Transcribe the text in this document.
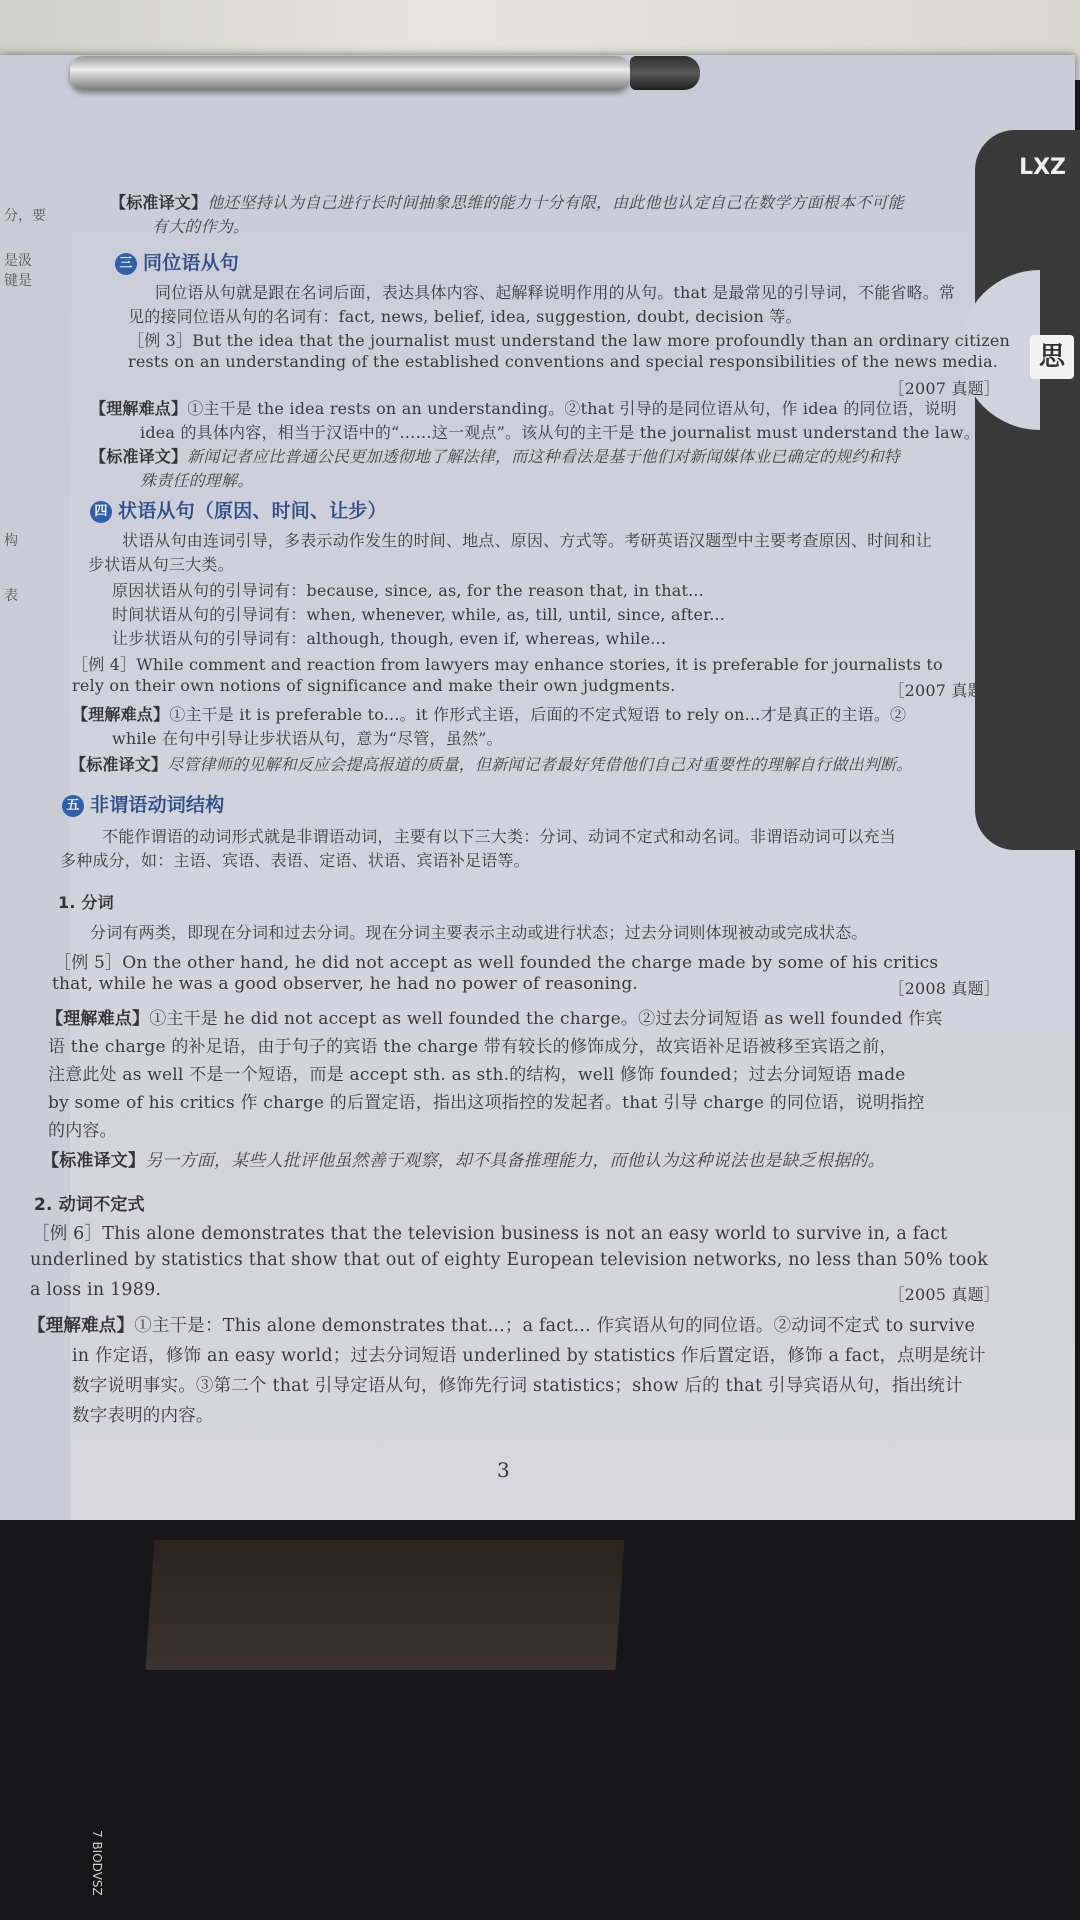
分，要
是汲
键是
构
表
LXZ
思
【标准译文】他还坚持认为自己进行长时间抽象思维的能力十分有限，由此他也认定自己在数学方面根本不可能
有大的作为。
三 同位语从句
同位语从句就是跟在名词后面，表达具体内容、起解释说明作用的从句。that 是最常见的引导词，不能省略。常
见的接同位语从句的名词有：fact, news, belief, idea, suggestion, doubt, decision 等。
［例 3］But the idea that the journalist must understand the law more profoundly than an ordinary citizen
rests on an understanding of the established conventions and special responsibilities of the news media.
［2007 真题］
【理解难点】①主干是 the idea rests on an understanding。②that 引导的是同位语从句，作 idea 的同位语，说明
idea 的具体内容，相当于汉语中的“……这一观点”。该从句的主干是 the journalist must understand the law。
【标准译文】新闻记者应比普通公民更加透彻地了解法律，而这种看法是基于他们对新闻媒体业已确定的规约和特
殊责任的理解。
四 状语从句（原因、时间、让步）
状语从句由连词引导，多表示动作发生的时间、地点、原因、方式等。考研英语汉题型中主要考查原因、时间和让
步状语从句三大类。
原因状语从句的引导词有：because, since, as, for the reason that, in that...
时间状语从句的引导词有：when, whenever, while, as, till, until, since, after...
让步状语从句的引导词有：although, though, even if, whereas, while...
［例 4］While comment and reaction from lawyers may enhance stories, it is preferable for journalists to
rely on their own notions of significance and make their own judgments.	［2007 真题］
【理解难点】①主干是 it is preferable to...。it 作形式主语，后面的不定式短语 to rely on...才是真正的主语。②
while 在句中引导让步状语从句，意为“尽管，虽然”。
【标准译文】尽管律师的见解和反应会提高报道的质量，但新闻记者最好凭借他们自己对重要性的理解自行做出判断。
五 非谓语动词结构
不能作谓语的动词形式就是非谓语动词，主要有以下三大类：分词、动词不定式和动名词。非谓语动词可以充当
多种成分，如：主语、宾语、表语、定语、状语、宾语补足语等。
1. 分词
分词有两类，即现在分词和过去分词。现在分词主要表示主动或进行状态；过去分词则体现被动或完成状态。
［例 5］On the other hand, he did not accept as well founded the charge made by some of his critics
that, while he was a good observer, he had no power of reasoning.	［2008 真题］
【理解难点】①主干是 he did not accept as well founded the charge。②过去分词短语 as well founded 作宾
语 the charge 的补足语，由于句子的宾语 the charge 带有较长的修饰成分，故宾语补足语被移至宾语之前，
注意此处 as well 不是一个短语，而是 accept sth. as sth.的结构，well 修饰 founded；过去分词短语 made
by some of his critics 作 charge 的后置定语，指出这项指控的发起者。that 引导 charge 的同位语，说明指控
的内容。
【标准译文】另一方面，某些人批评他虽然善于观察，却不具备推理能力，而他认为这种说法也是缺乏根据的。
2. 动词不定式
［例 6］This alone demonstrates that the television business is not an easy world to survive in, a fact
underlined by statistics that show that out of eighty European television networks, no less than 50% took
a loss in 1989.	［2005 真题］
【理解难点】①主干是：This alone demonstrates that...；a fact... 作宾语从句的同位语。②动词不定式 to survive
in 作定语，修饰 an easy world；过去分词短语 underlined by statistics 作后置定语，修饰 a fact，点明是统计
数字说明事实。③第二个 that 引导定语从句，修饰先行词 statistics；show 后的 that 引导宾语从句，指出统计
数字表明的内容。
3
7 BIODVSZ
